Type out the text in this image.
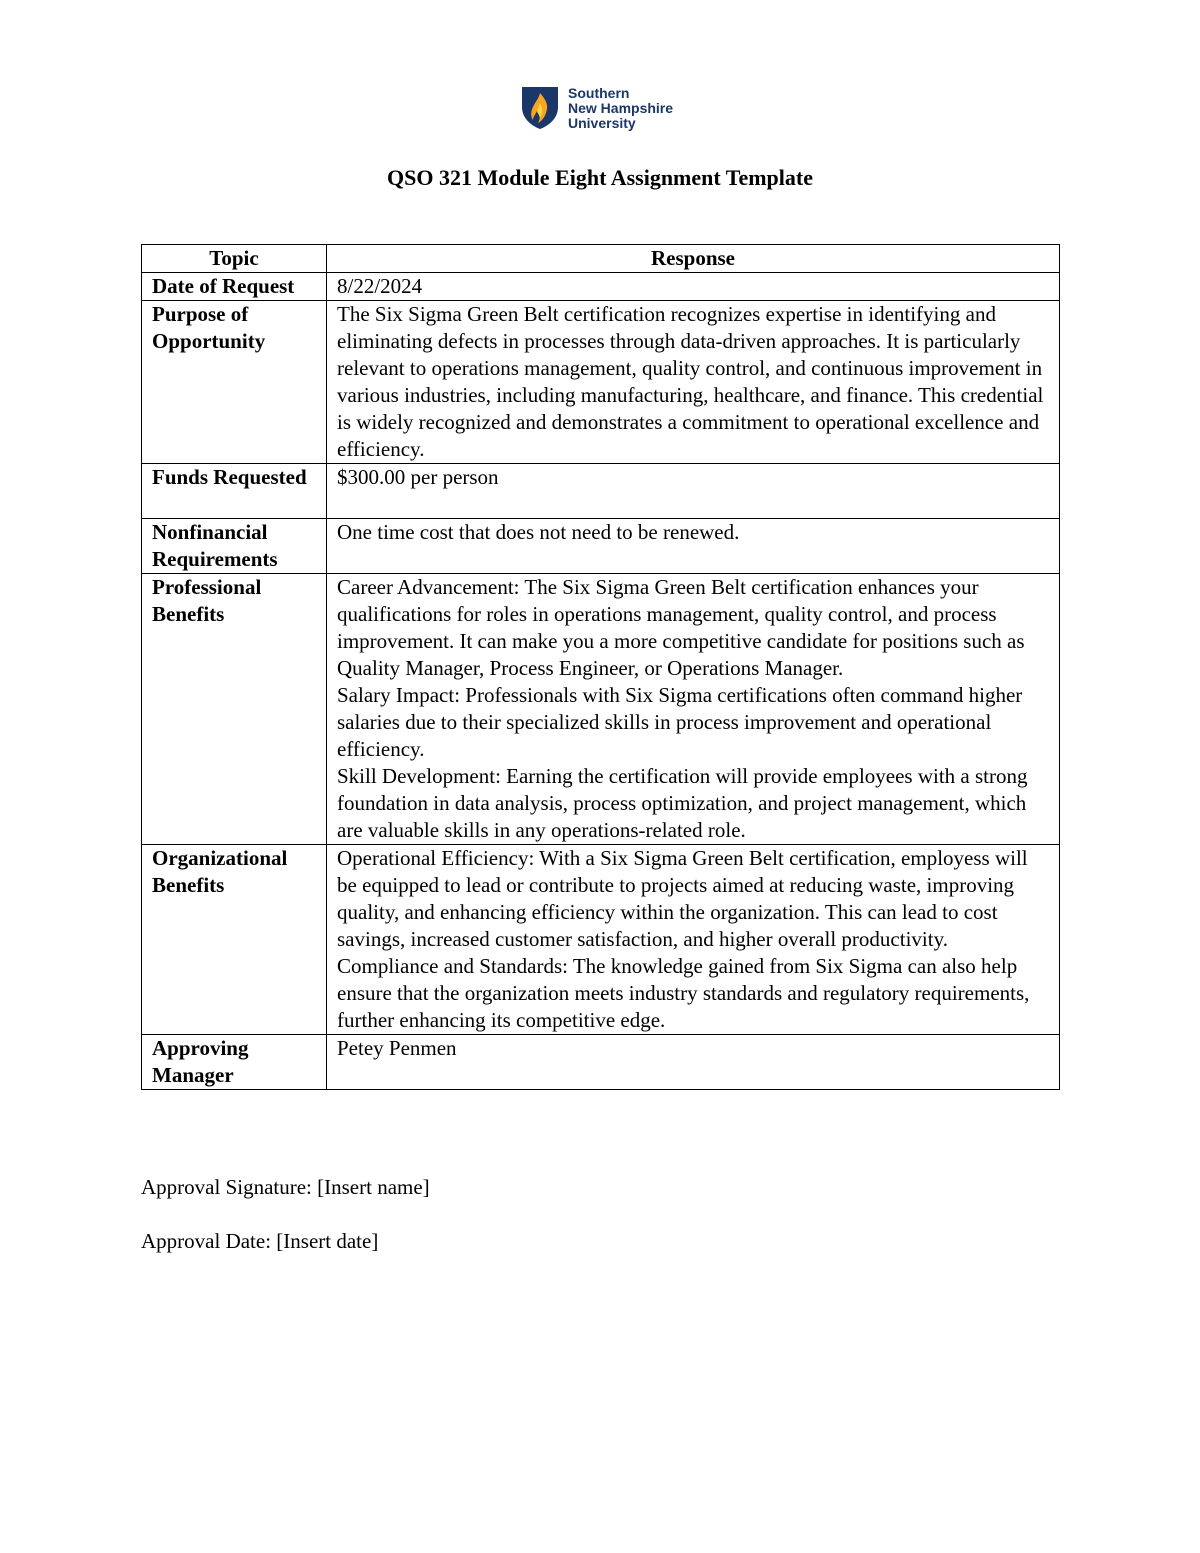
Southern
New Hampshire
University
QSO 321 Module Eight Assignment Template
Topic	Response
Date of Request	8/22/2024

Purpose of Opportunity	The Six Sigma Green Belt certification recognizes expertise in identifying and eliminating defects in processes through data-driven approaches. It is particularly relevant to operations management, quality control, and continuous improvement in various industries, including manufacturing, healthcare, and finance. This credential is widely recognized and demonstrates a commitment to operational excellence and efficiency.

Funds Requested	$300.00 per person

Nonfinancial Requirements	One time cost that does not need to be renewed.

Professional Benefits	Career Advancement: The Six Sigma Green Belt certification enhances your qualifications for roles in operations management, quality control, and process improvement. It can make you a more competitive candidate for positions such as Quality Manager, Process Engineer, or Operations Manager.
Salary Impact: Professionals with Six Sigma certifications often command higher salaries due to their specialized skills in process improvement and operational efficiency.
Skill Development: Earning the certification will provide employees with a strong foundation in data analysis, process optimization, and project management, which are valuable skills in any operations-related role.

Organizational Benefits	Operational Efficiency: With a Six Sigma Green Belt certification, employess will be equipped to lead or contribute to projects aimed at reducing waste, improving quality, and enhancing efficiency within the organization. This can lead to cost savings, increased customer satisfaction, and higher overall productivity.
Compliance and Standards: The knowledge gained from Six Sigma can also help ensure that the organization meets industry standards and regulatory requirements, further enhancing its competitive edge.

Approving Manager	Petey Penmen
Approval Signature: [Insert name]
Approval Date: [Insert date]
